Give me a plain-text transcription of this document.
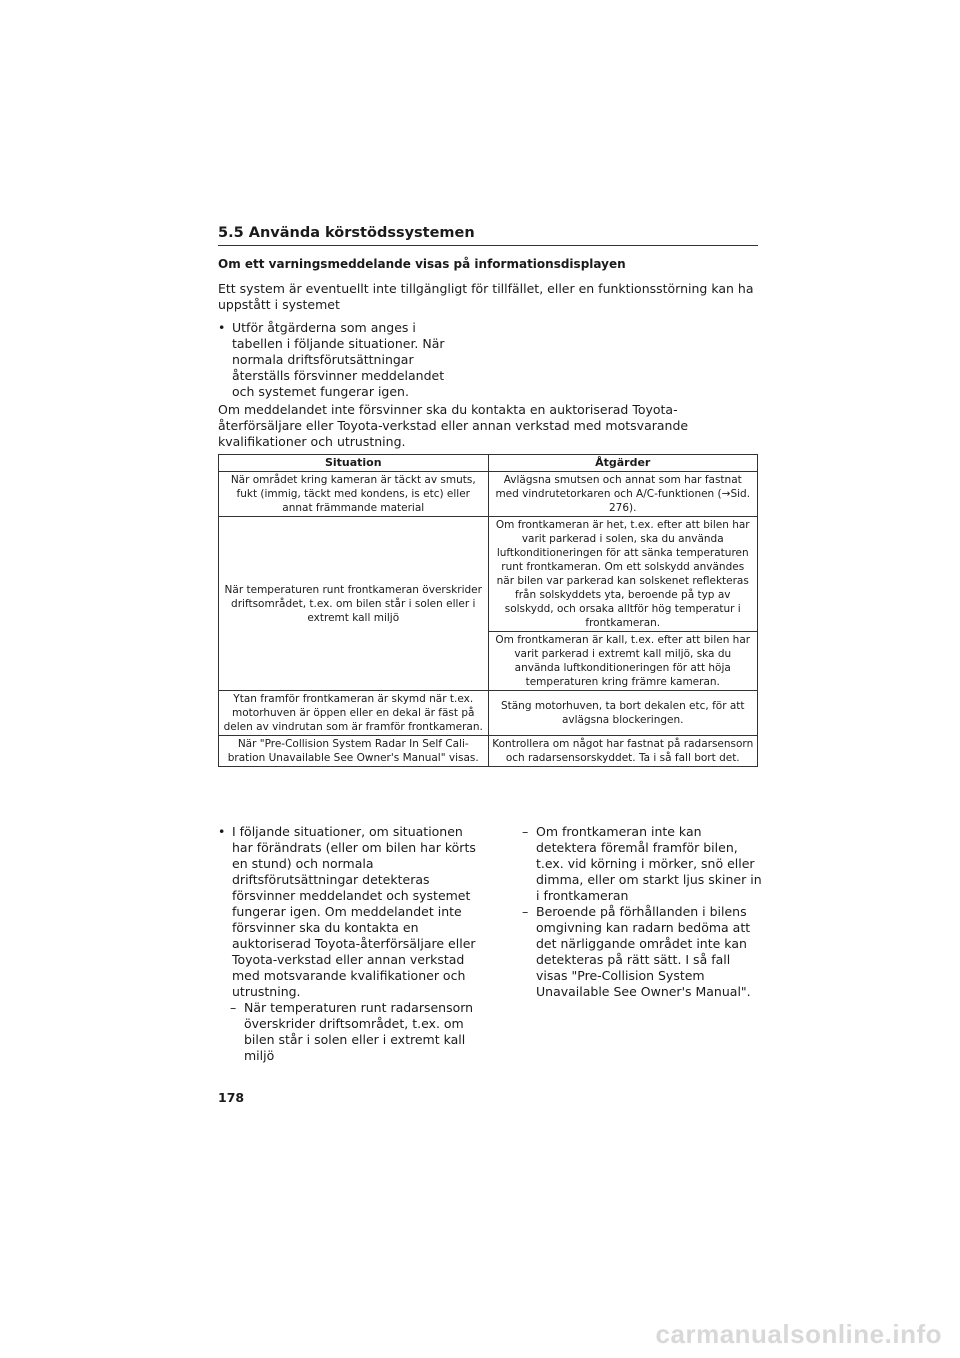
5.5 Använda körstödssystemen
Om ett varningsmeddelande visas på informationsdisplayen
Ett system är eventuellt inte tillgängligt för tillfället, eller en funktionsstörning kan ha uppstått i systemet
• Utför åtgärderna som anges i tabellen i följande situationer. När normala driftsförutsättningar återställs försvinner meddelandet och systemet fungerar igen.
Om meddelandet inte försvinner ska du kontakta en auktoriserad Toyota-återförsäljare eller Toyota-verkstad eller annan verkstad med motsvarande kvalifikationer och utrustning.
Situation	Åtgärder
När området kring kameran är täckt av smuts, fukt (immig, täckt med kondens, is etc) eller annat främmande material	Avlägsna smutsen och annat som har fastnat med vindrutetorkaren och A/C-funktionen (→Sid. 276).
När temperaturen runt frontkameran överskrider driftsområdet, t.ex. om bilen står i solen eller i extremt kall miljö	Om frontkameran är het, t.ex. efter att bilen har varit parkerad i solen, ska du använda luftkonditioneringen för att sänka temperaturen runt frontkameran. Om ett solskydd användes när bilen var parkerad kan solskenet reflekteras från solskyddets yta, beroende på typ av solskydd, och orsaka alltför hög temperatur i frontkameran.
	Om frontkameran är kall, t.ex. efter att bilen har varit parkerad i extremt kall miljö, ska du använda luftkonditioneringen för att höja temperaturen kring främre kameran.
Ytan framför frontkameran är skymd när t.ex. motorhuven är öppen eller en dekal är fäst på delen av vindrutan som är framför frontkameran.	Stäng motorhuven, ta bort dekalen etc, för att avlägsna blockeringen.
När "Pre-Collision System Radar In Self Calibration Unavailable See Owner's Manual" visas.	Kontrollera om något har fastnat på radarsensorn och radarsensorskyddet. Ta i så fall bort det.
• I följande situationer, om situationen har förändrats (eller om bilen har körts en stund) och normala driftsförutsättningar detekteras försvinner meddelandet och systemet fungerar igen. Om meddelandet inte försvinner ska du kontakta en auktoriserad Toyota-återförsäljare eller Toyota-verkstad eller annan verkstad med motsvarande kvalifikationer och utrustning.
– När temperaturen runt radarsensorn överskrider driftsområdet, t.ex. om bilen står i solen eller i extremt kall miljö
– Om frontkameran inte kan detektera föremål framför bilen, t.ex. vid körning i mörker, snö eller dimma, eller om starkt ljus skiner in i frontkameran
– Beroende på förhållanden i bilens omgivning kan radarn bedöma att det närliggande området inte kan detekteras på rätt sätt. I så fall visas "Pre-Collision System Unavailable See Owner's Manual".
178
carmanualsonline.info
